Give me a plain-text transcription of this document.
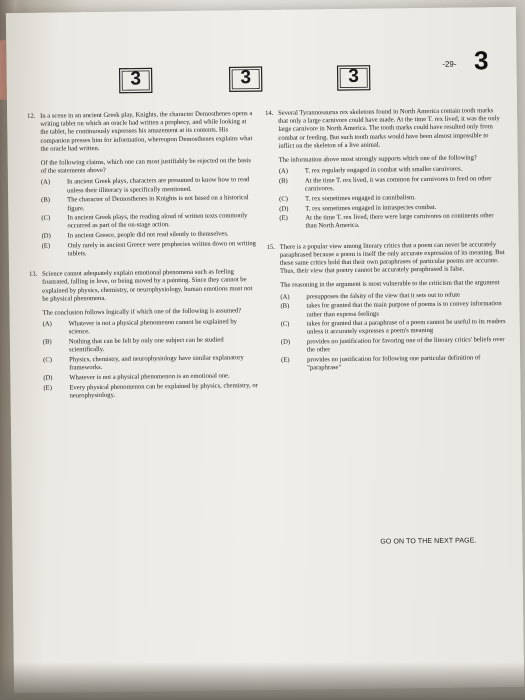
-29- 3
3	3	3
12. In a scene in an ancient Greek play, Knights, the character Demosthenes opens a writing tablet on which an oracle had written a prophecy, and while looking at the tablet, he continuously expresses his amazement at its contents. His companion presses him for information, whereupon Demosthenes explains what the oracle had written.
Of the following claims, which one can most justifiably be rejected on the basis of the statements above?
(A)	In ancient Greek plays, characters are presumed to know how to read unless their illiteracy is specifically mentioned.
(B)	The character of Demosthenes in Knights is not based on a historical figure.
(C)	In ancient Greek plays, the reading aloud of written texts commonly occurred as part of the on-stage action.
(D)	In ancient Greece, people did not read silently to themselves.
(E)	Only rarely in ancient Greece were prophecies written down on writing tablets.
13. Science cannot adequately explain emotional phenomena such as feeling frustrated, falling in love, or being moved by a painting. Since they cannot be explained by physics, chemistry, or neurophysiology, human emotions must not be physical phenomena.
The conclusion follows logically if which one of the following is assumed?
(A)	Whatever is not a physical phenomenon cannot be explained by science.
(B)	Nothing that can be felt by only one subject can be studied scientifically.
(C)	Physics, chemistry, and neurophysiology have similar explanatory frameworks.
(D)	Whatever is not a physical phenomenon is an emotional one.
(E)	Every physical phenomenon can be explained by physics, chemistry, or neurophysiology.
14. Several Tyrannosaurus rex skeletons found in North America contain tooth marks that only a large carnivore could have made. At the time T. rex lived, it was the only large carnivore in North America. The tooth marks could have resulted only from combat or feeding. But such tooth marks would have been almost impossible to inflict on the skeleton of a live animal.
The information above most strongly supports which one of the following?
(A)	T. rex regularly engaged in combat with smaller carnivores.
(B)	At the time T. rex lived, it was common for carnivores to feed on other carnivores.
(C)	T. rex sometimes engaged in cannibalism.
(D)	T. rex sometimes engaged in intraspecies combat.
(E)	At the time T. rex lived, there were large carnivores on continents other than North America.
15. There is a popular view among literary critics that a poem can never be accurately paraphrased because a poem is itself the only accurate expression of its meaning. But these same critics hold that their own paraphrases of particular poems are accurate. Thus, their view that poetry cannot be accurately paraphrased is false.
The reasoning in the argument is most vulnerable to the criticism that the argument
(A)	presupposes the falsity of the view that it sets out to refute
(B)	takes for granted that the main purpose of poems is to convey information rather than express feelings
(C)	takes for granted that a paraphrase of a poem cannot be useful to its readers unless it accurately expresses a poem's meaning
(D)	provides no justification for favoring one of the literary critics' beliefs over the other
(E)	provides no justification for following one particular definition of "paraphrase"
GO ON TO THE NEXT PAGE.
